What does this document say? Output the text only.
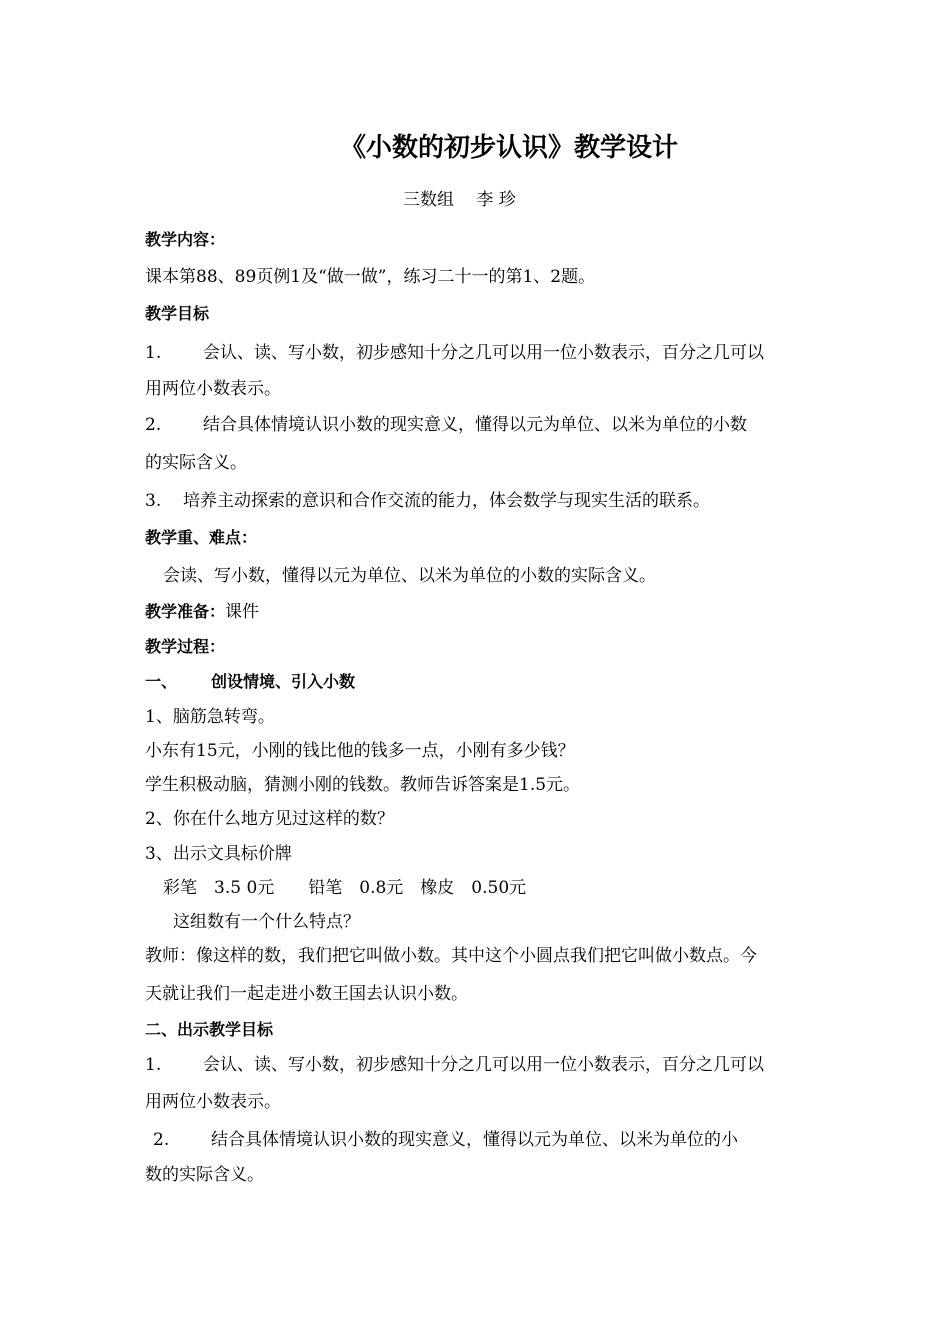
《小数的初步认识》教学设计
三数组　 李 珍
教学内容：
课本第88、89页例1及“做一做”，练习二十一的第1、2题。
教学目标
1. 会认、读、写小数，初步感知十分之几可以用一位小数表示，百分之几可以
用两位小数表示。
2. 结合具体情境认识小数的现实意义，懂得以元为单位、以米为单位的小数
的实际含义。
3. 培养主动探索的意识和合作交流的能力，体会数学与现实生活的联系。
教学重、难点：
会读、写小数，懂得以元为单位、以米为单位的小数的实际含义。
教学准备：课件
教学过程：
一、 创设情境、引入小数
1、脑筋急转弯。
小东有15元，小刚的钱比他的钱多一点，小刚有多少钱？
学生积极动脑，猜测小刚的钱数。教师告诉答案是1.5元。
2、你在什么地方见过这样的数？
3、出示文具标价牌
彩笔　3.5 0元　　铅笔　0.8元　橡皮　0.50元
这组数有一个什么特点？
教师：像这样的数，我们把它叫做小数。其中这个小圆点我们把它叫做小数点。今
天就让我们一起走进小数王国去认识小数。
二、出示教学目标
1. 会认、读、写小数，初步感知十分之几可以用一位小数表示，百分之几可以
用两位小数表示。
2. 结合具体情境认识小数的现实意义，懂得以元为单位、以米为单位的小
数的实际含义。
